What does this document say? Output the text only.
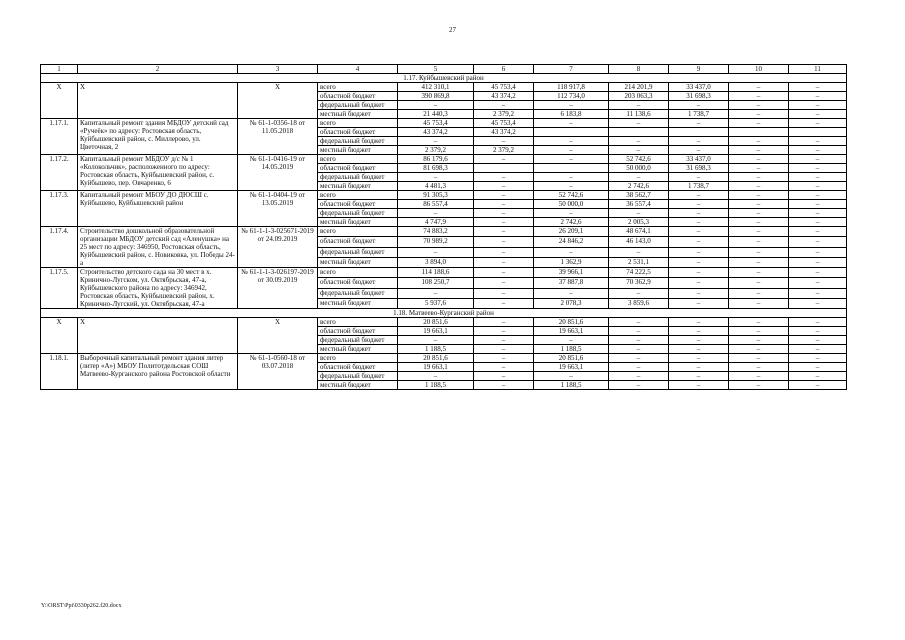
27
1	2	3	4	5	6	7	8	9	10	11
1.17. Куйбышевский район										
Х	Х	Х	всего	412 310,1	45 753,4	118 917,8	214 201,9	33 437,0	–	–
			областной бюджет	390 869,8	43 374,2	112 734,0	203 063,3	31 698,3	–	–
			федеральный бюджет	–	–	–	–	–	–	–
			местный бюджет	21 440,3	2 379,2	6 183,8	11 138,6	1 738,7	–	–
1.17.1.	Капитальный ремонт здания МБДОУ детский сад «Ручеёк» по адресу: Ростовская область, Куйбышевский район, с. Миллерово, ул. Цветочная, 2	№ 61-1-0356-18 от 11.05.2018	всего	45 753,4	45 753,4	–	–	–	–	–
			областной бюджет	43 374,2	43 374,2					
			федеральный бюджет	–	–	–	–	–	–	–
			местный бюджет	2 379,2	2 379,2	–	–	–	–	–
1.17.2.	Капитальный ремонт МБДОУ д/с № 1 «Колокольчик», расположенного по адресу: Ростовская область, Куйбышевский район, с. Куйбышево, пер. Овчаренко, 6	№ 61-1-0416-19 от 14.05.2019	всего	86 179,6	–	–	52 742,6	33 437,0	–	–
			областной бюджет	81 698,3			50 000,0	31 698,3	–	–
			федеральный бюджет	–	–	–	–	–	–	–
			местный бюджет	4 481,3	–	–	2 742,6	1 738,7	–	–
1.17.3.	Капитальный ремонт МБОУ ДО ДЮСШ с. Куйбышево, Куйбышевский район	№ 61-1-0404-19 от 13.05.2019	всего	91 305,3	–	52 742,6	38 562,7	–	–	–
			областной бюджет	86 557,4	–	50 000,0	36 557,4	–	–	–
			федеральный бюджет	–	–	–	–	–	–	–
			местный бюджет	4 747,9	–	2 742,6	2 005,3	–	–	–
1.17.4.	Строительство дошкольной образовательной организации МБДОУ детский сад «Аленушка» на 25 мест по адресу: 346950, Ростовская область, Куйбышевский район, с. Новиковка, ул. Победы 24-а	№ 61-1-1-3-025671-2019 от 24.09.2019	всего	74 883,2	–	26 209,1	48 674,1	–	–	–
			областной бюджет	70 989,2	–	24 846,2	46 143,0	–	–	–
			федеральный бюджет	–	–	–	–	–	–	–
			местный бюджет	3 894,0	–	1 362,9	2 531,1	–	–	–
1.17.5.	Строительство детского сада на 30 мест в х. Кринично-Лугском, ул. Октябрьская, 47-а, Куйбышевского района по адресу: 346942, Ростовская область, Куйбышевский район, х. Кринично-Лугский, ул. Октябрьская, 47-а	№ 61-1-1-3-026197-2019 от 30.09.2019	всего	114 188,6	–	39 966,1	74 222,5	–	–	–
			областной бюджет	108 250,7	–	37 887,8	70 362,9	–	–	–
			федеральный бюджет	–	–	–	–	–	–	–
			местный бюджет	5 937,6	–	2 078,3	3 859,6	–	–	–
1.18. Матвеево-Курганский район										
Х	Х	Х	всего	20 851,6	–	20 851,6	–	–	–	–
			областной бюджет	19 663,1	–	19 663,1	–	–	–	–
			федеральный бюджет	–	–	–	–	–	–	–
			местный бюджет	1 188,5	–	1 188,5	–	–	–	–
1.18.1.	Выборочный капитальный ремонт здания литер (литер «А») МБОУ Политотдельская СОШ Матвеево-Курганского района Ростовской области	№ 61-1-0560-18 от 03.07.2018	всего	20 851,6	–	20 851,6	–	–	–	–
			областной бюджет	19 663,1	–	19 663,1	–	–	–	–
			федеральный бюджет	–	–	–	–	–	–	–
			местный бюджет	1 188,5	–	1 188,5	–	–	–	–
Y:\ORST\Ppi\0330p262.f20.docx
